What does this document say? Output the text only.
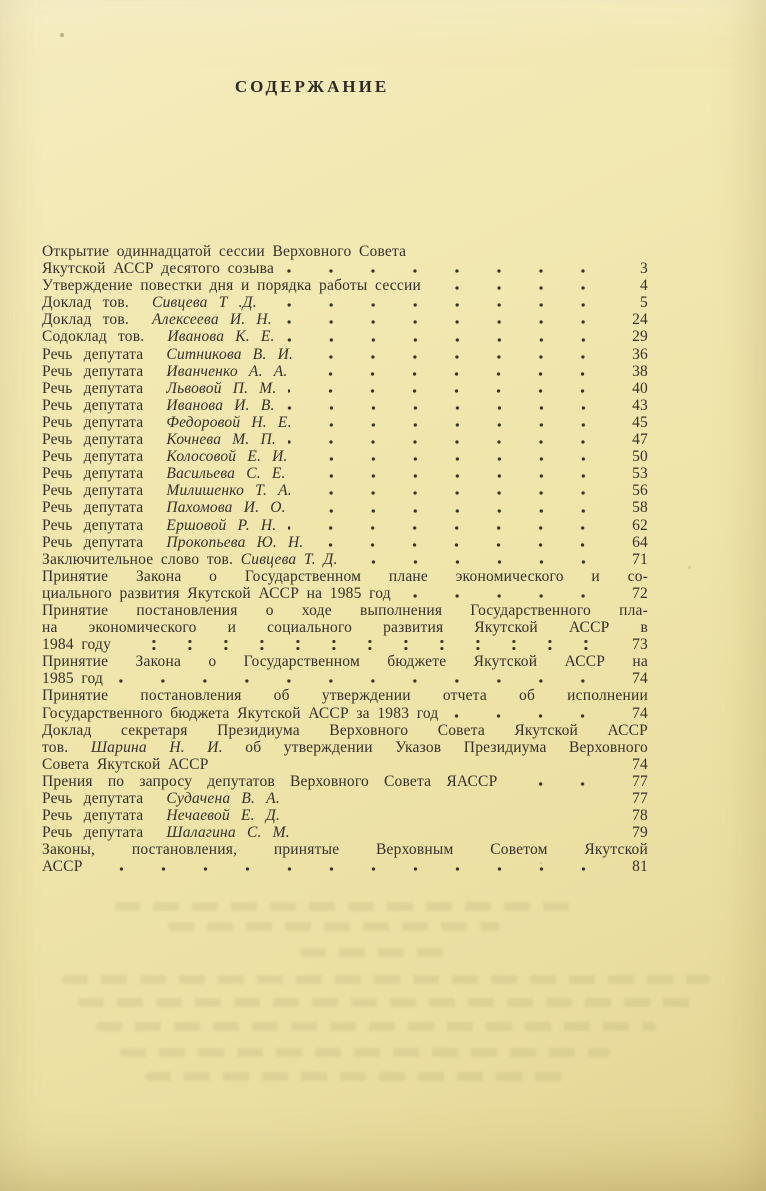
СОДЕРЖАНИЕ
Открытие одиннадцатой сессии Верховного Совета
Якутской АССР десятого созыва	3
Утверждение повестки дня и порядка работы сессии	4
Доклад тов. Сивцева Т .Д.	5
Доклад тов. Алексеева И. Н.	24
Содоклад тов. Иванова К. Е.	29
Речь депутата Ситникова В. И.	36
Речь депутата Иванченко А. А.	38
Речь депутата Львовой П. М.	40
Речь депутата Иванова И. В.	43
Речь депутата Федоровой Н. Е.	45
Речь депутата Кочнева М. П.	47
Речь депутата Колосовой Е. И.	50
Речь депутата Васильева С. Е.	53
Речь депутата Милишенко Т. А.	56
Речь депутата Пахомова И. О.	58
Речь депутата Ершовой Р. Н.	62
Речь депутата Прокопьева Ю. Н.	64
Заключительное слово тов. Сивцева Т. Д.	71
Принятие Закона о Государственном плане экономического и со-
циального развития Якутской АССР на 1985 год	72
Принятие постановления о ходе выполнения Государственного пла-
на экономического и социального развития Якутской АССР в
1984 году	73
Принятие Закона о Государственном бюджете Якутской АССР на
1985 год	74
Принятие постановления об утверждении отчета об исполнении
Государственного бюджета Якутской АССР за 1983 год	74
Доклад секретаря Президиума Верховного Совета Якутской АССР
тов. Шарина Н. И. об утверждении Указов Президиума Верховного
Совета Якутской АССР	74
Прения по запросу депутатов Верховного Совета ЯАССР	77
Речь депутата Судачена В. А.	77
Речь депутата Нечаевой Е. Д.	78
Речь депутата Шалагина С. М.	79
Законы, постановления, принятые Верховным Советом Якутской
АССР	81
